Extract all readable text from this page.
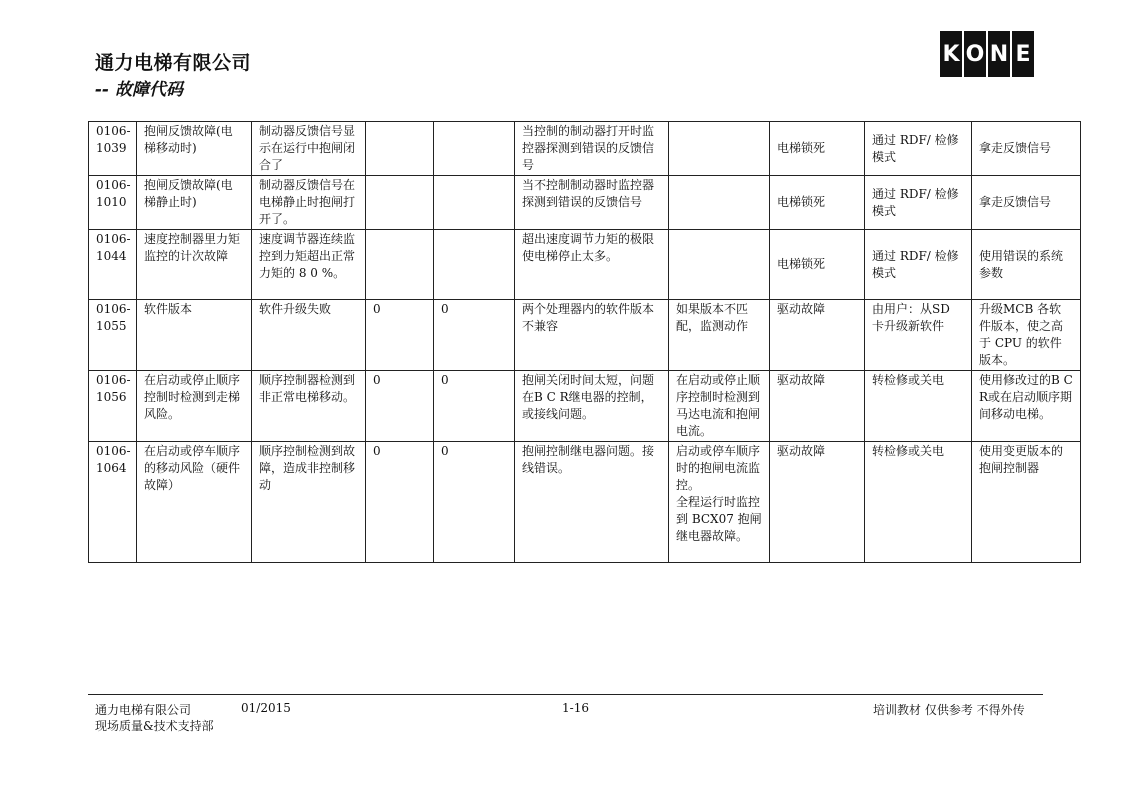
通力电梯有限公司
-- 故障代码
K O N E
0106-1039	抱闸反馈故障(电梯移动时)	制动器反馈信号显示在运行中抱闸闭合了			当控制的制动器打开时监控器探测到错误的反馈信号		电梯锁死	通过 RDF/ 检修模式	拿走反馈信号
0106-1010	抱闸反馈故障(电梯静止时)	制动器反馈信号在电梯静止时抱闸打开了。			当不控制制动器时监控器探测到错误的反馈信号		电梯锁死	通过 RDF/ 检修模式	拿走反馈信号
0106-1044	速度控制器里力矩监控的计次故障	速度调节器连续监控到力矩超出正常力矩的 8 0 %。			超出速度调节力矩的极限使电梯停止太多。		电梯锁死	通过 RDF/ 检修模式	使用错误的系统参数
0106-1055	软件版本	软件升级失败	0	0	两个处理器内的软件版本不兼容	如果版本不匹配，监测动作	驱动故障	由用户：从SD 卡升级新软件	升级MCB 各软件版本，使之高于 CPU 的软件版本。
0106-1056	在启动或停止顺序控制时检测到走梯风险。	顺序控制器检测到非正常电梯移动。	0	0	抱闸关闭时间太短，问题在B C R继电器的控制，或接线问题。	在启动或停止顺序控制时检测到马达电流和抱闸电流。	驱动故障	转检修或关电	使用修改过的B C R或在启动顺序期间移动电梯。
0106-1064	在启动或停车顺序的移动风险（硬件故障）	顺序控制检测到故障，造成非控制移动	0	0	抱闸控制继电器问题。接线错误。	启动或停车顺序时的抱闸电流监控。
全程运行时监控到 BCX07 抱闸继电器故障。	驱动故障	转检修或关电	使用变更版本的抱闸控制器
通力电梯有限公司	01/2015	1-16	培训教材 仅供参考 不得外传
现场质量&技术支持部
